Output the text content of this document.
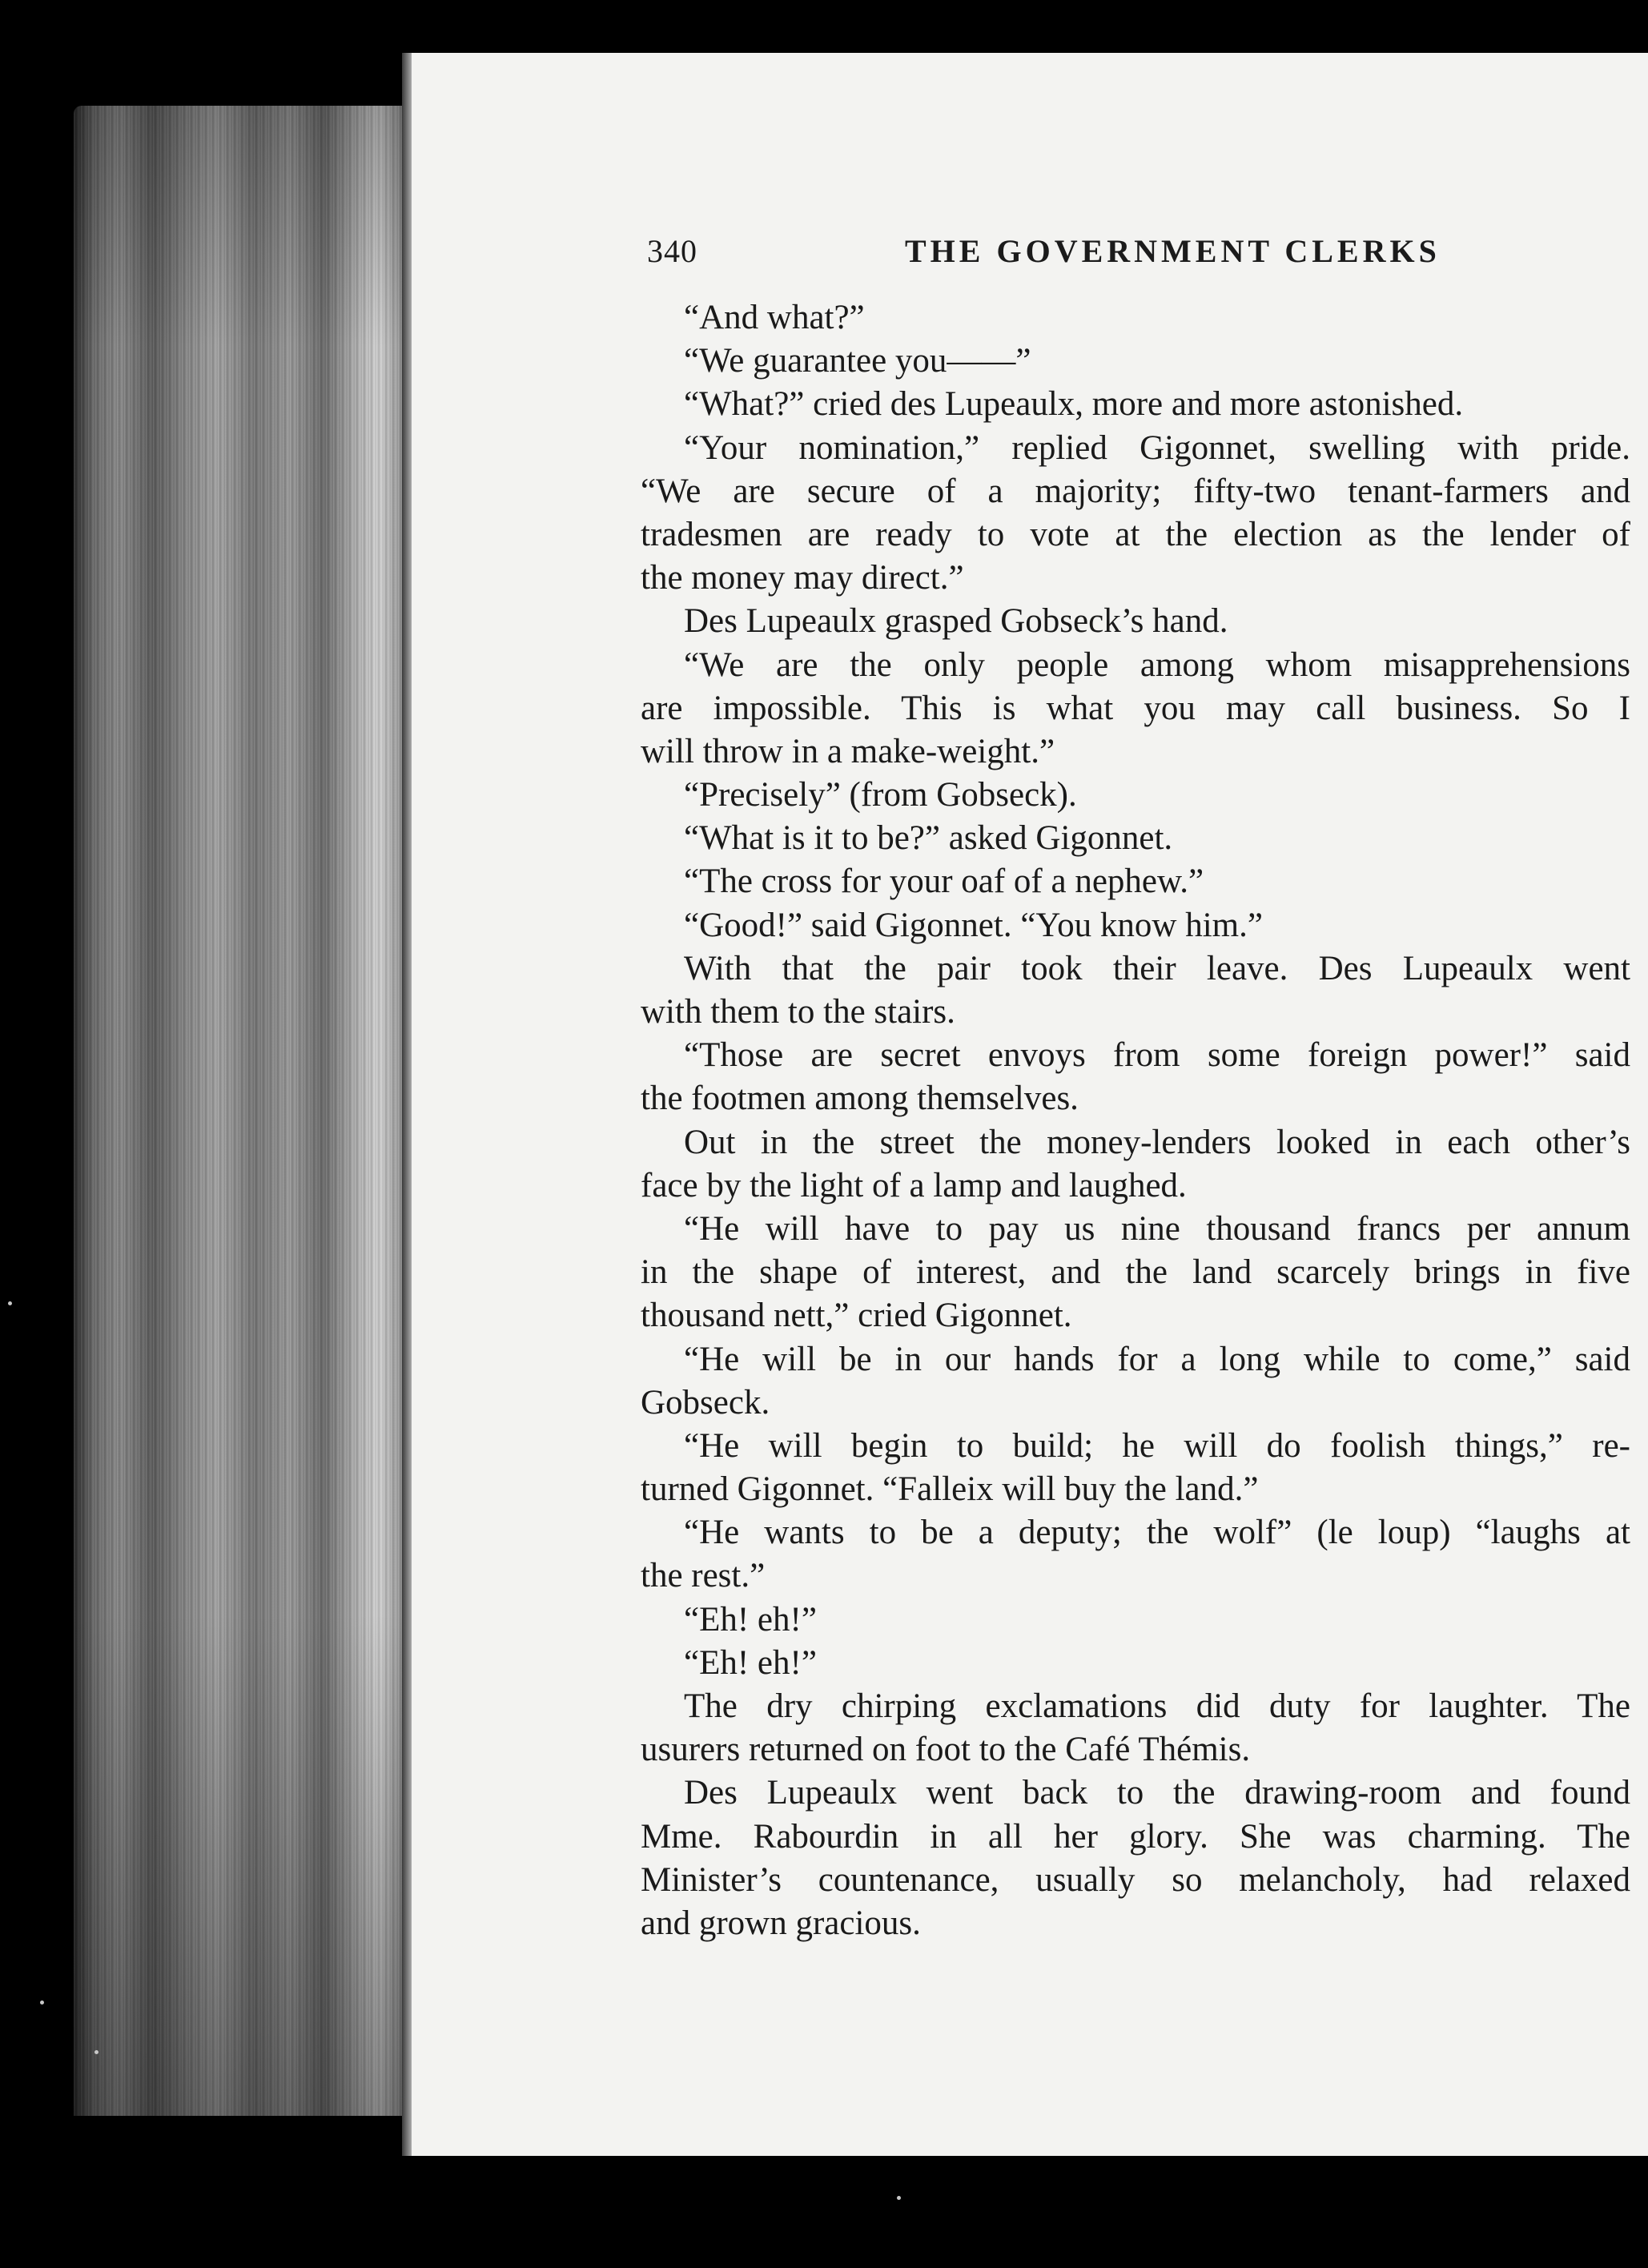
340	THE GOVERNMENT CLERKS
“And what?”
“We guarantee you——”
“What?” cried des Lupeaulx, more and more astonished.
“Your nomination,” replied Gigonnet, swelling with pride.
“We are secure of a majority; fifty-two tenant-farmers and
tradesmen are ready to vote at the election as the lender of
the money may direct.”
Des Lupeaulx grasped Gobseck’s hand.
“We are the only people among whom misapprehensions
are impossible. This is what you may call business. So I
will throw in a make-weight.”
“Precisely” (from Gobseck).
“What is it to be?” asked Gigonnet.
“The cross for your oaf of a nephew.”
“Good!” said Gigonnet. “You know him.”
With that the pair took their leave. Des Lupeaulx went
with them to the stairs.
“Those are secret envoys from some foreign power!” said
the footmen among themselves.
Out in the street the money-lenders looked in each other’s
face by the light of a lamp and laughed.
“He will have to pay us nine thousand francs per annum
in the shape of interest, and the land scarcely brings in five
thousand nett,” cried Gigonnet.
“He will be in our hands for a long while to come,” said
Gobseck.
“He will begin to build; he will do foolish things,” re-
turned Gigonnet. “Falleix will buy the land.”
“He wants to be a deputy; the wolf” (le loup) “laughs at
the rest.”
“Eh! eh!”
“Eh! eh!”
The dry chirping exclamations did duty for laughter. The
usurers returned on foot to the Café Thémis.
Des Lupeaulx went back to the drawing-room and found
Mme. Rabourdin in all her glory. She was charming. The
Minister’s countenance, usually so melancholy, had relaxed
and grown gracious.
